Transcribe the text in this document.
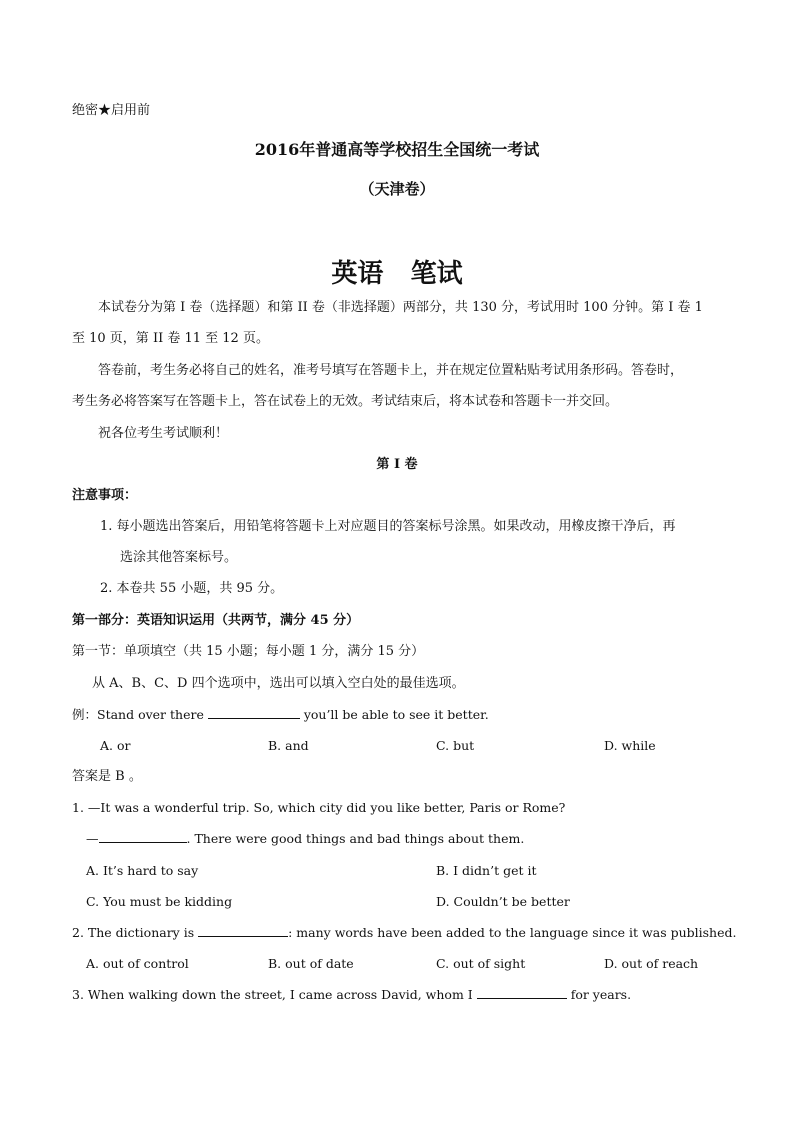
绝密★启用前
2016年普通高等学校招生全国统一考试
（天津卷）
英语   笔试
本试卷分为第 I 卷（选择题）和第 II 卷（非选择题）两部分，共 130 分，考试用时 100 分钟。第 I 卷 1
至 10 页，第 II 卷 11 至 12 页。
答卷前，考生务必将自己的姓名，准考号填写在答题卡上，并在规定位置粘贴考试用条形码。答卷时，
考生务必将答案写在答题卡上，答在试卷上的无效。考试结束后，将本试卷和答题卡一并交回。
祝各位考生考试顺利！
第 I 卷
注意事项：
1. 每小题选出答案后，用铅笔将答题卡上对应题目的答案标号涂黑。如果改动，用橡皮擦干净后，再
选涂其他答案标号。
2. 本卷共 55 小题，共 95 分。
第一部分：英语知识运用（共两节，满分 45 分）
第一节：单项填空（共 15 小题；每小题 1 分，满分 15 分）
从 A、B、C、D 四个选项中，选出可以填入空白处的最佳选项。
例：Stand over there	you’ll be able to see it better.
A. or	B. and	C. but	D. while
答案是 B 。
1. —It was a wonderful trip. So, which city did you like better, Paris or Rome?
—	. There were good things and bad things about them.
A. It’s hard to say	B. I didn’t get it
C. You must be kidding	D. Couldn’t be better
2. The dictionary is	: many words have been added to the language since it was published.
A. out of control	B. out of date	C. out of sight	D. out of reach
3. When walking down the street, I came across David, whom I	for years.
